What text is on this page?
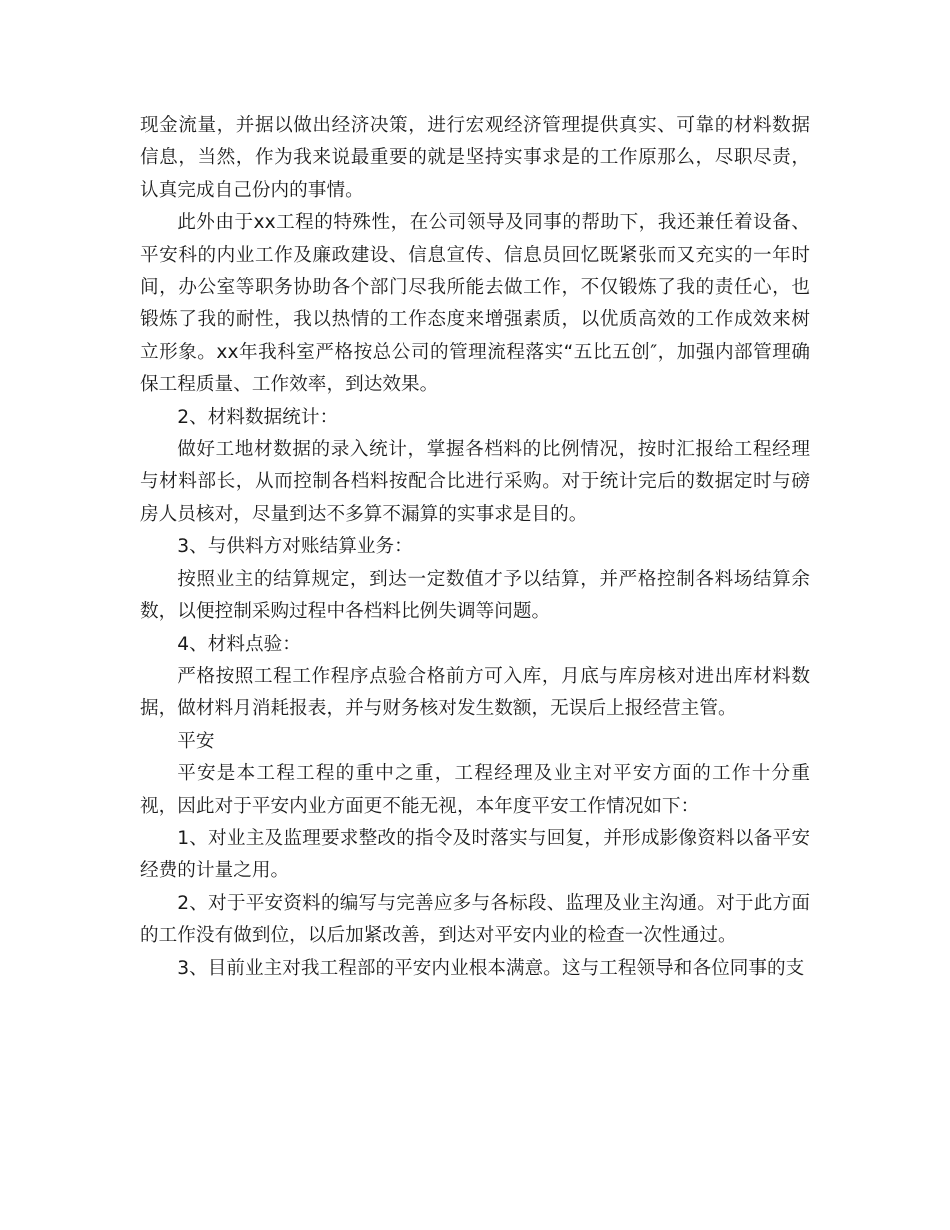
现金流量，并据以做出经济决策，进行宏观经济管理提供真实、可靠的材料数据信息，当然，作为我来说最重要的就是坚持实事求是的工作原那么，尽职尽责，认真完成自己份内的事情。

此外由于xx工程的特殊性，在公司领导及同事的帮助下，我还兼任着设备、平安科的内业工作及廉政建设、信息宣传、信息员回忆既紧张而又充实的一年时间，办公室等职务协助各个部门尽我所能去做工作，不仅锻炼了我的责任心，也锻炼了我的耐性，我以热情的工作态度来增强素质，以优质高效的工作成效来树立形象。xx年我科室严格按总公司的管理流程落实“五比五创″，加强内部管理确保工程质量、工作效率，到达效果。

2、材料数据统计：

做好工地材数据的录入统计，掌握各档料的比例情况，按时汇报给工程经理与材料部长，从而控制各档料按配合比进行采购。对于统计完后的数据定时与磅房人员核对，尽量到达不多算不漏算的实事求是目的。

3、与供料方对账结算业务：

按照业主的结算规定，到达一定数值才予以结算，并严格控制各料场结算余数，以便控制采购过程中各档料比例失调等问题。

4、材料点验：

严格按照工程工作程序点验合格前方可入库，月底与库房核对进出库材料数据，做材料月消耗报表，并与财务核对发生数额，无误后上报经营主管。

平安

平安是本工程工程的重中之重，工程经理及业主对平安方面的工作十分重视，因此对于平安内业方面更不能无视，本年度平安工作情况如下：

1、对业主及监理要求整改的指令及时落实与回复，并形成影像资料以备平安经费的计量之用。

2、对于平安资料的编写与完善应多与各标段、监理及业主沟通。对于此方面的工作没有做到位，以后加紧改善，到达对平安内业的检查一次性通过。

3、目前业主对我工程部的平安内业根本满意。这与工程领导和各位同事的支
